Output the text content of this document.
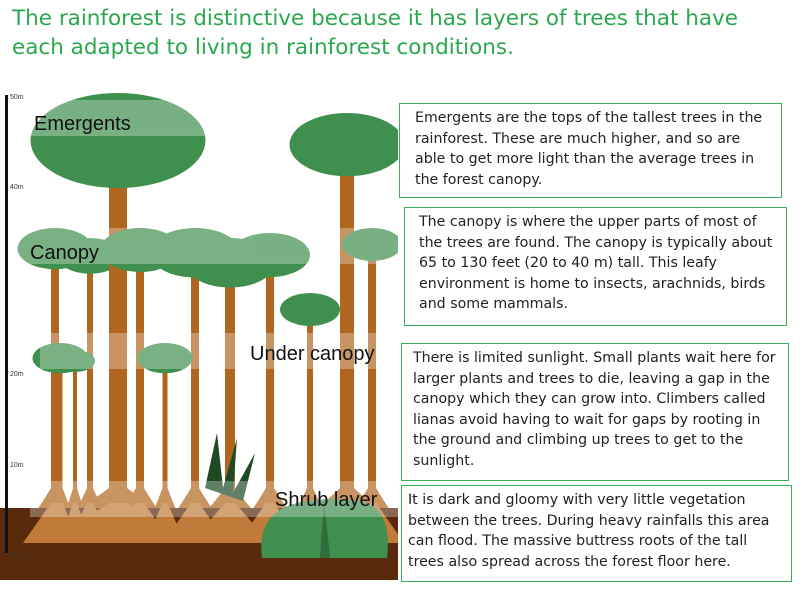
The rainforest is distinctive because it has layers of trees that have each adapted to living in rainforest conditions.
Emergents
Canopy
Under canopy
Shrub layer
50m
40m
20m
10m
0m
Emergents are the tops of the tallest trees in the rainforest. These are much higher, and so are able to get more light than the average trees in the forest canopy.
The canopy is where the upper parts of most of the trees are found. The canopy is typically about 65 to 130 feet (20 to 40 m) tall. This leafy environment is home to insects, arachnids, birds and some mammals.
There is limited sunlight. Small plants wait here for larger plants and trees to die, leaving a gap in the canopy which they can grow into. Climbers called lianas avoid having to wait for gaps by rooting in the ground and climbing up trees to get to the sunlight.
It is dark and gloomy with very little vegetation between the trees. During heavy rainfalls this area can flood. The massive buttress roots of the tall trees also spread across the forest floor here.
